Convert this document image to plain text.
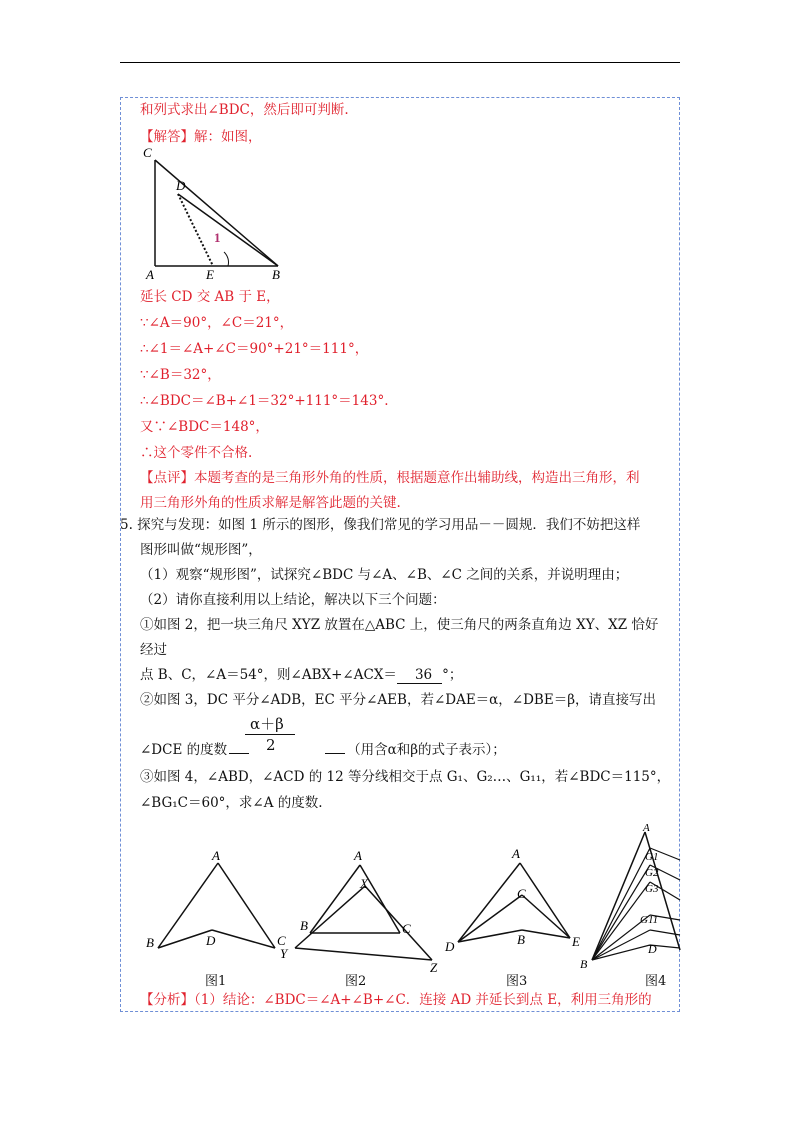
和列式求出∠BDC，然后即可判断.
【解答】解：如图，
C
D
A	E	B
1
延长 CD 交 AB 于 E，
∵∠A＝90°，∠C＝21°，
∴∠1＝∠A+∠C＝90°+21°＝111°，
∵∠B＝32°，
∴∠BDC＝∠B+∠1＝32°+111°＝143°.
又∵∠BDC＝148°，
∴这个零件不合格.
【点评】本题考查的是三角形外角的性质，根据题意作出辅助线，构造出三角形，利
用三角形外角的性质求解是解答此题的关键.
5. 探究与发现：如图 1 所示的图形，像我们常见的学习用品－－圆规．我们不妨把这样
图形叫做“规形图”，
（1）观察“规形图”，试探究∠BDC 与∠A、∠B、∠C 之间的关系，并说明理由；
（2）请你直接利用以上结论，解决以下三个问题：
①如图 2，把一块三角尺 XYZ 放置在△ABC 上，使三角尺的两条直角边 XY、XZ 恰好
经过
点 B、C，∠A＝54°，则∠ABX+∠ACX＝ 36 °；
②如图 3，DC 平分∠ADB，EC 平分∠AEB，若∠DAE＝α，∠DBE＝β，请直接写出
α＋β
2
∠DCE 的度数	（用含α和β的式子表示）；
③如图 4，∠ABD，∠ACD 的 12 等分线相交于点 G₁、G₂…、G₁₁，若∠BDC＝115°，
∠BG₁C＝60°，求∠A 的度数.
A
B	C
D
A
X
B	C
Y
Z
A
C
B
D	E
A
G1
G2
G3
G11
D
B
图1	图2	图3	图4
【分析】（1）结论：∠BDC＝∠A+∠B+∠C．连接 AD 并延长到点 E，利用三角形的
